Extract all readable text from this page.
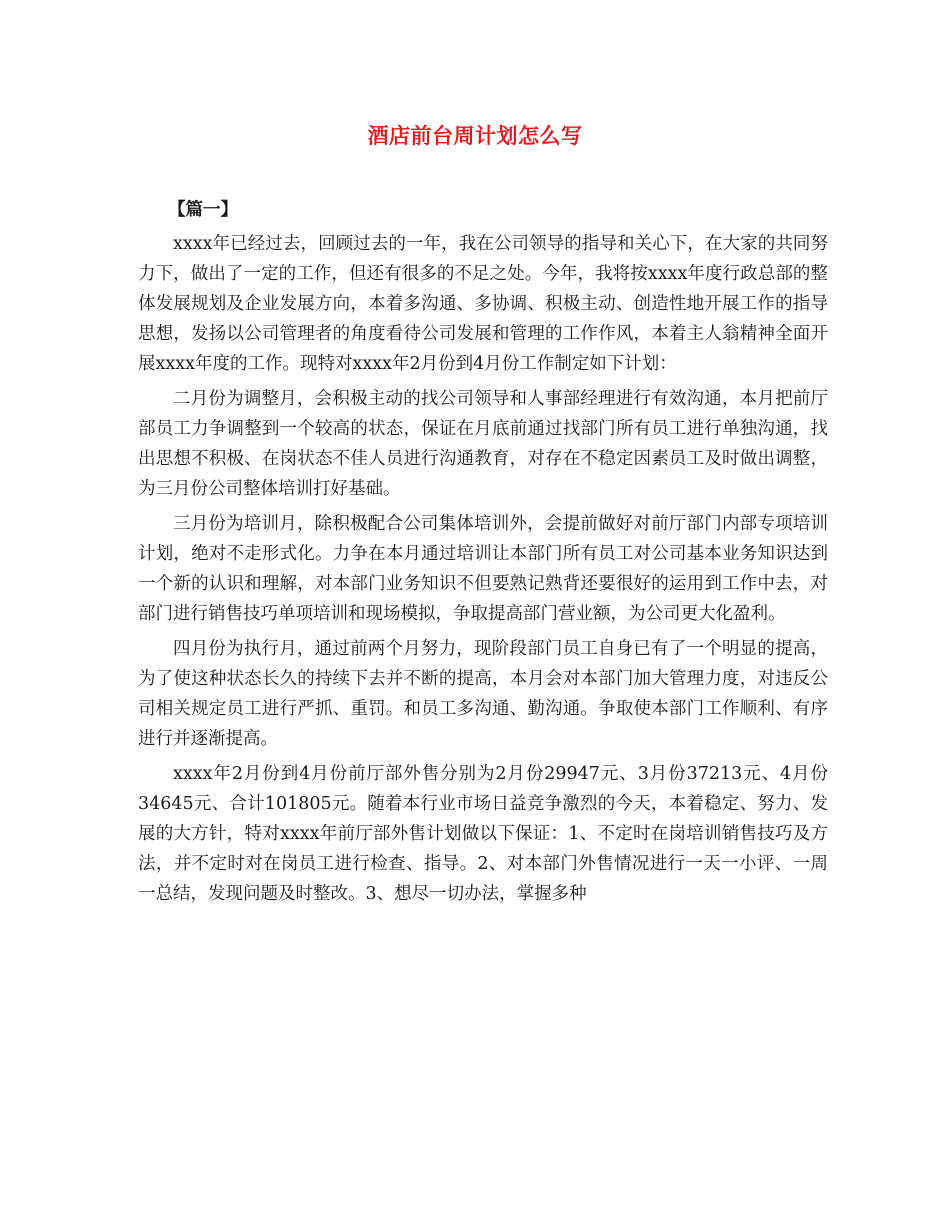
酒店前台周计划怎么写
【篇一】

xxxx年已经过去，回顾过去的一年，我在公司领导的指导和关心下，在大家的共同努力下，做出了一定的工作，但还有很多的不足之处。今年，我将按xxxx年度行政总部的整体发展规划及企业发展方向，本着多沟通、多协调、积极主动、创造性地开展工作的指导思想，发扬以公司管理者的角度看待公司发展和管理的工作作风，本着主人翁精神全面开展xxxx年度的工作。现特对xxxx年2月份到4月份工作制定如下计划：

二月份为调整月，会积极主动的找公司领导和人事部经理进行有效沟通，本月把前厅部员工力争调整到一个较高的状态，保证在月底前通过找部门所有员工进行单独沟通，找出思想不积极、在岗状态不佳人员进行沟通教育，对存在不稳定因素员工及时做出调整，为三月份公司整体培训打好基础。

三月份为培训月，除积极配合公司集体培训外，会提前做好对前厅部门内部专项培训计划，绝对不走形式化。力争在本月通过培训让本部门所有员工对公司基本业务知识达到一个新的认识和理解，对本部门业务知识不但要熟记熟背还要很好的运用到工作中去，对部门进行销售技巧单项培训和现场模拟，争取提高部门营业额，为公司更大化盈利。

四月份为执行月，通过前两个月努力，现阶段部门员工自身已有了一个明显的提高，为了使这种状态长久的持续下去并不断的提高，本月会对本部门加大管理力度，对违反公司相关规定员工进行严抓、重罚。和员工多沟通、勤沟通。争取使本部门工作顺利、有序进行并逐渐提高。

xxxx年2月份到4月份前厅部外售分别为2月份29947元、3月份37213元、4月份34645元、合计101805元。随着本行业市场日益竞争激烈的今天，本着稳定、努力、发展的大方针，特对xxxx年前厅部外售计划做以下保证：1、不定时在岗培训销售技巧及方法，并不定时对在岗员工进行检查、指导。2、对本部门外售情况进行一天一小评、一周一总结，发现问题及时整改。3、想尽一切办法，掌握多种
